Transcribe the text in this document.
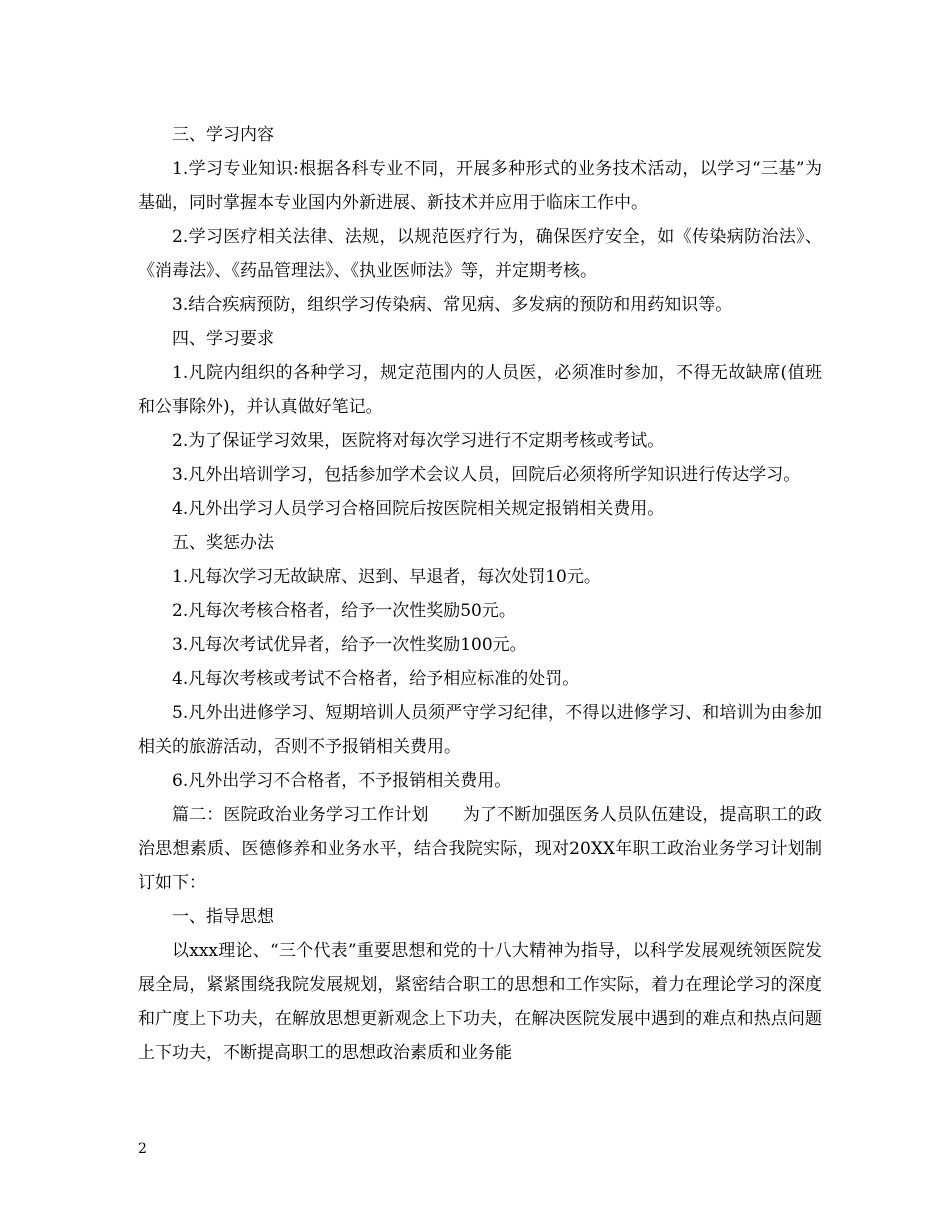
三、学习内容

1.学习专业知识:根据各科专业不同，开展多种形式的业务技术活动，以学习“三基”为基础，同时掌握本专业国内外新进展、新技术并应用于临床工作中。

2.学习医疗相关法律、法规，以规范医疗行为，确保医疗安全，如《传染病防治法》、《消毒法》、《药品管理法》、《执业医师法》等，并定期考核。

3.结合疾病预防，组织学习传染病、常见病、多发病的预防和用药知识等。

四、学习要求

1.凡院内组织的各种学习，规定范围内的人员医，必须准时参加，不得无故缺席(值班和公事除外)，并认真做好笔记。

2.为了保证学习效果，医院将对每次学习进行不定期考核或考试。

3.凡外出培训学习，包括参加学术会议人员，回院后必须将所学知识进行传达学习。

4.凡外出学习人员学习合格回院后按医院相关规定报销相关费用。

五、奖惩办法

1.凡每次学习无故缺席、迟到、早退者，每次处罚10元。

2.凡每次考核合格者，给予一次性奖励50元。

3.凡每次考试优异者，给予一次性奖励100元。

4.凡每次考核或考试不合格者，给予相应标准的处罚。

5.凡外出进修学习、短期培训人员须严守学习纪律，不得以进修学习、和培训为由参加相关的旅游活动，否则不予报销相关费用。

6.凡外出学习不合格者，不予报销相关费用。

篇二：医院政治业务学习工作计划　　为了不断加强医务人员队伍建设，提高职工的政治思想素质、医德修养和业务水平，结合我院实际，现对20XX年职工政治业务学习计划制订如下：

一、指导思想

以xxx理论、“三个代表”重要思想和党的十八大精神为指导，以科学发展观统领医院发展全局，紧紧围绕我院发展规划，紧密结合职工的思想和工作实际，着力在理论学习的深度和广度上下功夫，在解放思想更新观念上下功夫，在解决医院发展中遇到的难点和热点问题上下功夫，不断提高职工的思想政治素质和业务能

2
